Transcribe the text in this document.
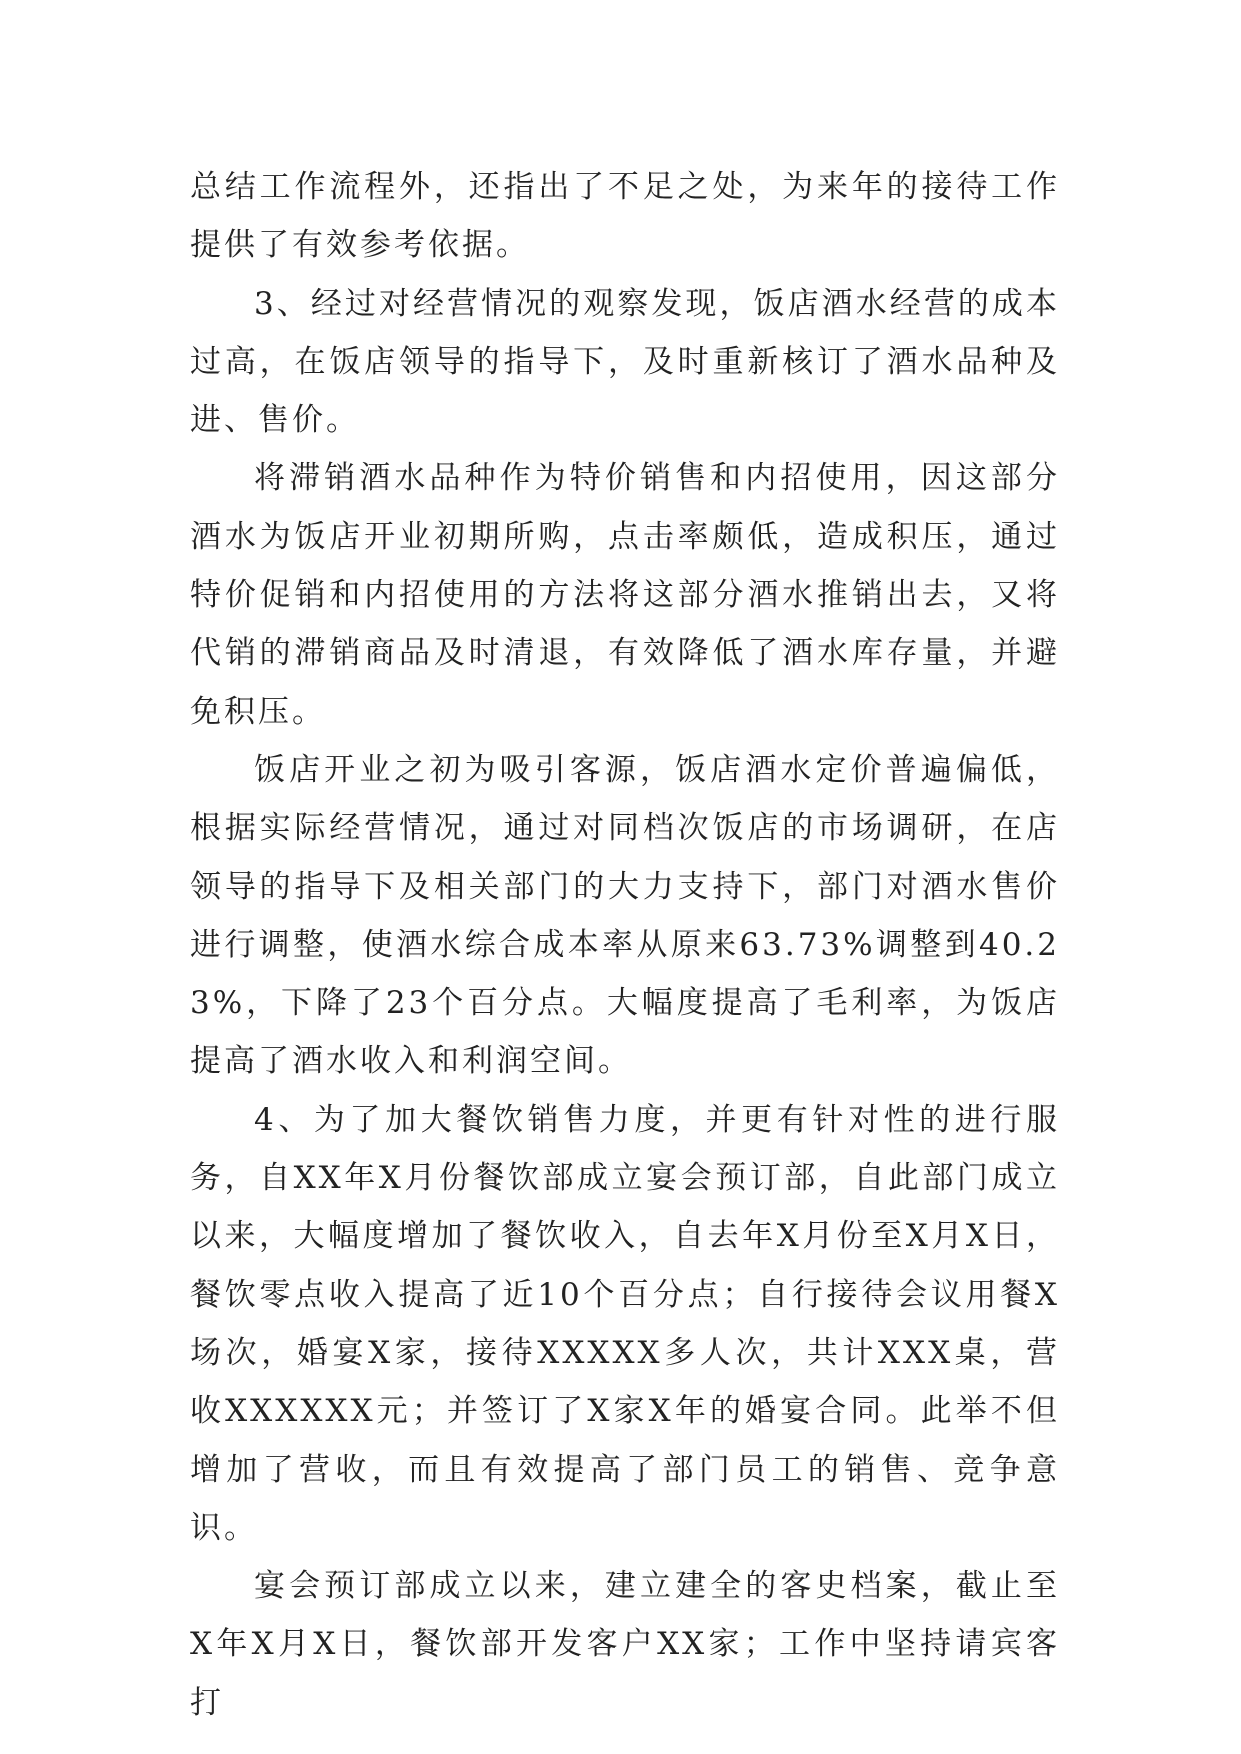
总结工作流程外，还指出了不足之处，为来年的接待工作提供了有效参考依据。

3、经过对经营情况的观察发现，饭店酒水经营的成本过高，在饭店领导的指导下，及时重新核订了酒水品种及进、售价。

将滞销酒水品种作为特价销售和内招使用，因这部分酒水为饭店开业初期所购，点击率颇低，造成积压，通过特价促销和内招使用的方法将这部分酒水推销出去，又将代销的滞销商品及时清退，有效降低了酒水库存量，并避免积压。

饭店开业之初为吸引客源，饭店酒水定价普遍偏低，根据实际经营情况，通过对同档次饭店的市场调研，在店领导的指导下及相关部门的大力支持下，部门对酒水售价进行调整，使酒水综合成本率从原来63.73%调整到40.23%，下降了23个百分点。大幅度提高了毛利率，为饭店提高了酒水收入和利润空间。

4、为了加大餐饮销售力度，并更有针对性的进行服务，自XX年X月份餐饮部成立宴会预订部，自此部门成立以来，大幅度增加了餐饮收入，自去年X月份至X月X日，餐饮零点收入提高了近10个百分点；自行接待会议用餐X场次，婚宴X家，接待XXXXX多人次，共计XXX桌，营收XXXXXX元；并签订了X家X年的婚宴合同。此举不但增加了营收，而且有效提高了部门员工的销售、竞争意识。

宴会预订部成立以来，建立建全的客史档案，截止至X年X月X日，餐饮部开发客户XX家；工作中坚持请宾客打
